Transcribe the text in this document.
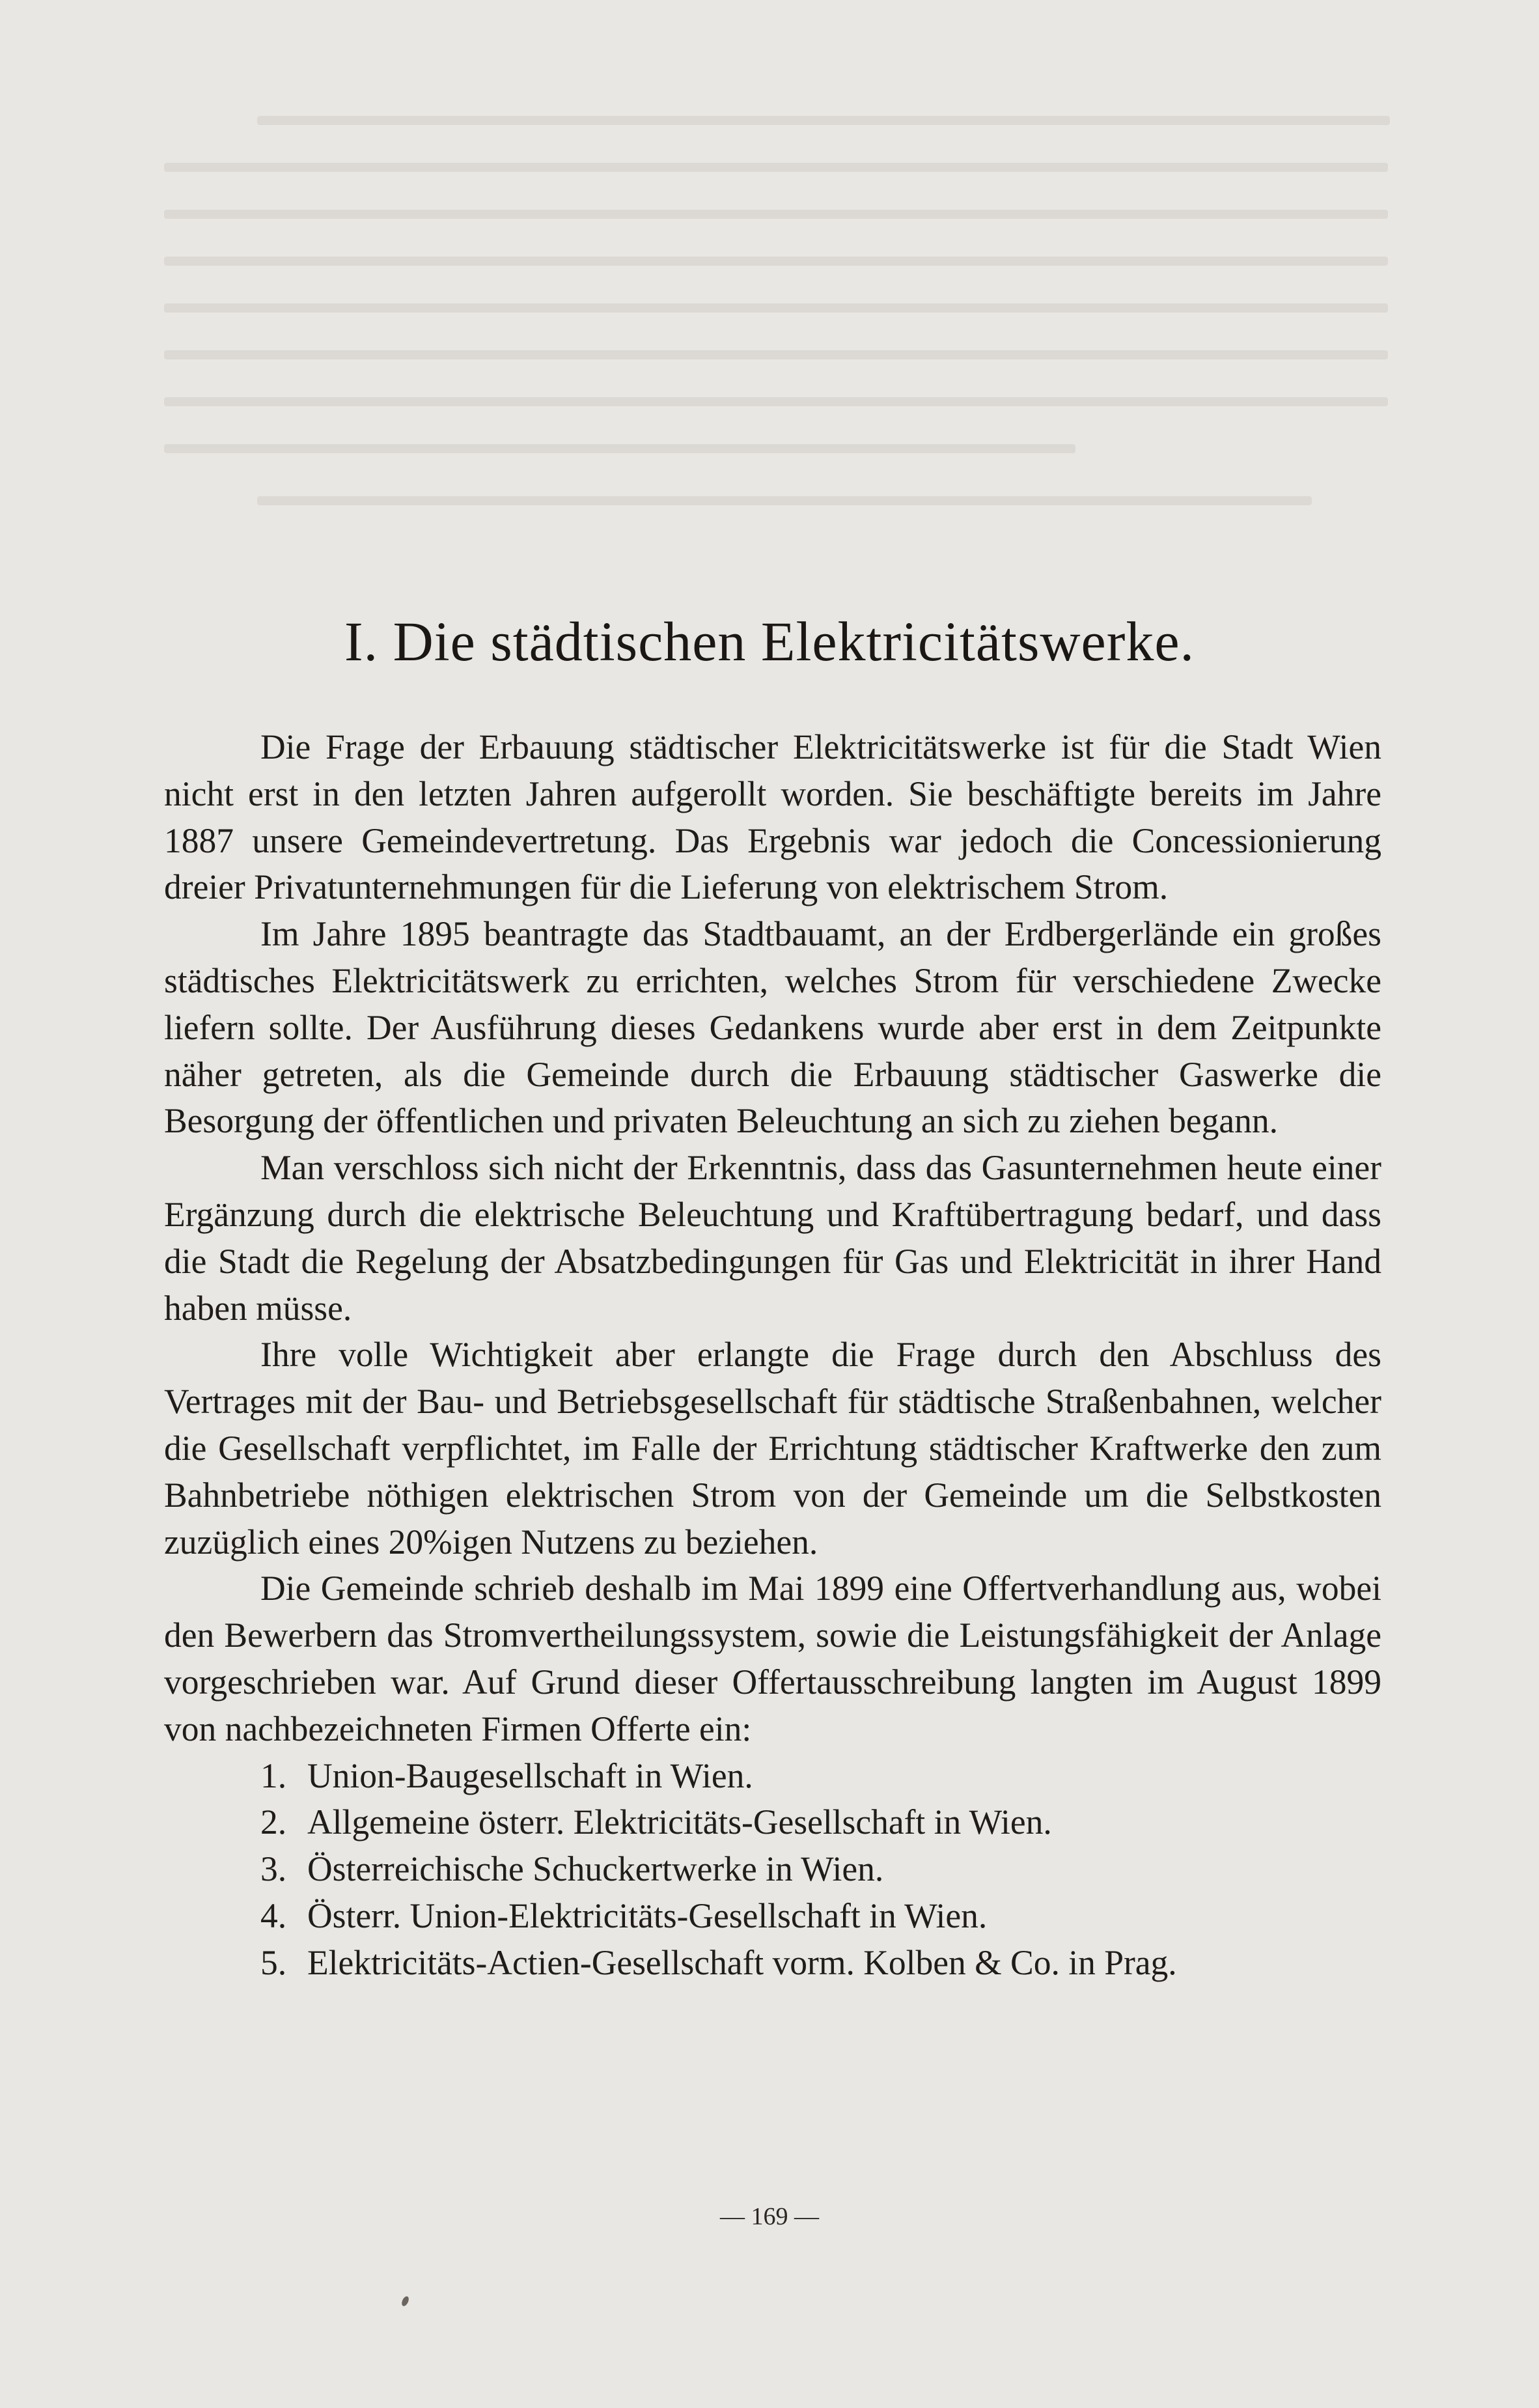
I. Die städtischen Elektricitätswerke.

Die Frage der Erbauung städtischer Elektricitätswerke ist für die Stadt Wien nicht erst in den letzten Jahren aufgerollt worden. Sie beschäftigte bereits im Jahre 1887 unsere Gemeindevertretung. Das Ergebnis war jedoch die Concessionierung dreier Privatunternehmungen für die Lieferung von elektrischem Strom.

Im Jahre 1895 beantragte das Stadtbauamt, an der Erdbergerlände ein großes städtisches Elektricitätswerk zu errichten, welches Strom für verschiedene Zwecke liefern sollte. Der Ausführung dieses Gedankens wurde aber erst in dem Zeitpunkte näher getreten, als die Gemeinde durch die Erbauung städtischer Gaswerke die Besorgung der öffentlichen und privaten Beleuchtung an sich zu ziehen begann.

Man verschloss sich nicht der Erkenntnis, dass das Gasunternehmen heute einer Ergänzung durch die elektrische Beleuchtung und Kraftübertragung bedarf, und dass die Stadt die Regelung der Absatzbedingungen für Gas und Elektricität in ihrer Hand haben müsse.

Ihre volle Wichtigkeit aber erlangte die Frage durch den Abschluss des Vertrages mit der Bau- und Betriebsgesellschaft für städtische Straßenbahnen, welcher die Gesellschaft verpflichtet, im Falle der Errichtung städtischer Kraftwerke den zum Bahnbetriebe nöthigen elektrischen Strom von der Gemeinde um die Selbstkosten zuzüglich eines 20%igen Nutzens zu beziehen.

Die Gemeinde schrieb deshalb im Mai 1899 eine Offertverhandlung aus, wobei den Bewerbern das Stromvertheilungssystem, sowie die Leistungsfähigkeit der Anlage vorgeschrieben war. Auf Grund dieser Offertausschreibung langten im August 1899 von nachbezeichneten Firmen Offerte ein:

1. Union-Baugesellschaft in Wien.
2. Allgemeine österr. Elektricitäts-Gesellschaft in Wien.
3. Österreichische Schuckertwerke in Wien.
4. Österr. Union-Elektricitäts-Gesellschaft in Wien.
5. Elektricitäts-Actien-Gesellschaft vorm. Kolben & Co. in Prag.
— 169 —
